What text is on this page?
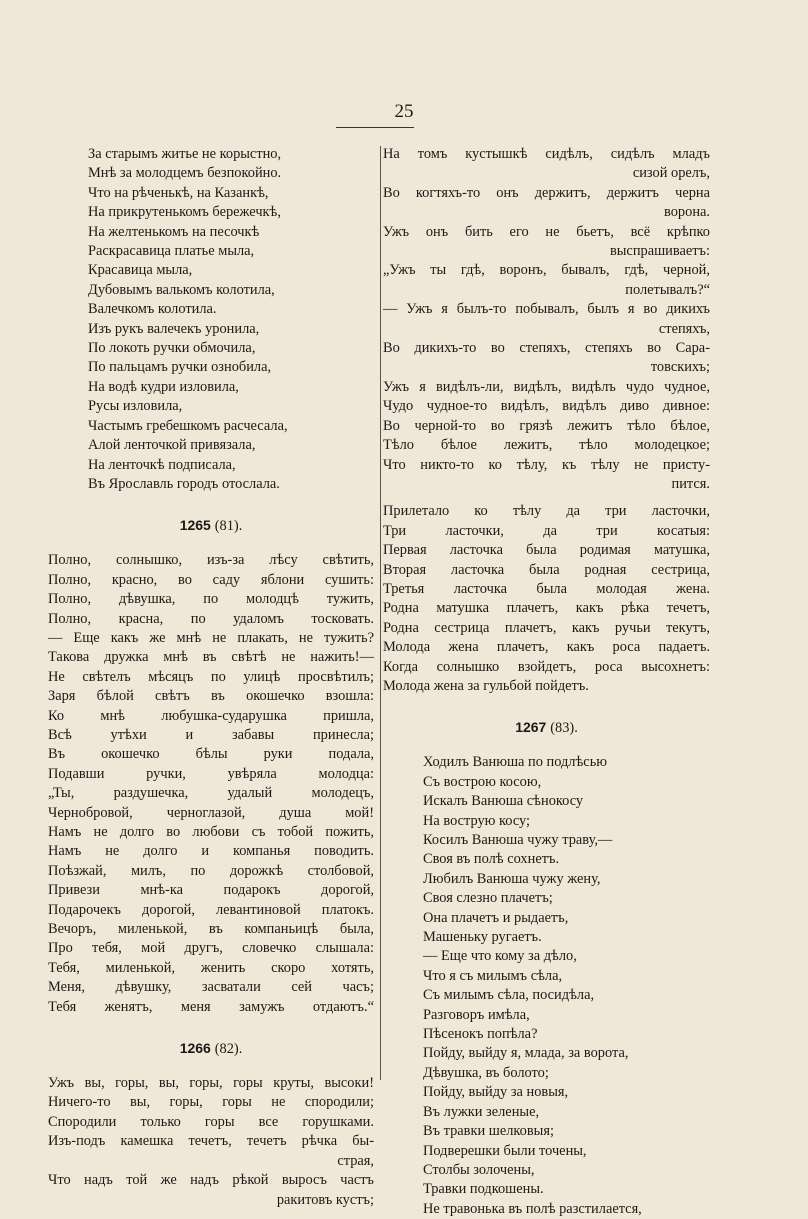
25
За старымъ житье не корыстно,
Мнѣ за молодцемъ безпокойно.
Что на рѣченькѣ, на Казанкѣ,
На прикрутенькомъ бережечкѣ,
На желтенькомъ на песочкѣ
Раскрасавица платье мыла,
Красавица мыла,
Дубовымъ валькомъ колотила,
Валечкомъ колотила.
Изъ рукъ валечекъ уронила,
По локоть ручки обмочила,
По пальцамъ ручки ознобила,
На водѣ кудри изловила,
Русы изловила,
Частымъ гребешкомъ расчесала,
Алой ленточкой привязала,
На ленточкѣ подписала,
Въ Ярославль городъ отослала.
1265 (81).
Полно, солнышко, изъ-за лѣсу свѣтить,
Полно, красно, во саду яблони сушить:
Полно, дѣвушка, по молодцѣ тужить,
Полно, красна, по удаломъ тосковать.
— Еще какъ же мнѣ не плакать, не тужить?
Такова дружка мнѣ въ свѣтѣ не нажить!—
Не свѣтелъ мѣсяцъ по улицѣ просвѣтилъ;
Заря бѣлой свѣтъ въ окошечко взошла:
Ко мнѣ любушка-сударушка пришла,
Всѣ утѣхи и забавы принесла;
Въ окошечко бѣлы руки подала,
Подавши ручки, увѣряла молодца:
„Ты, раздушечка, удалый молодецъ,
Чернобровой, черноглазой, душа мой!
Намъ не долго во любови съ тобой пожить,
Намъ не долго и компанья поводить.
Поѣзжай, милъ, по дорожкѣ столбовой,
Привези мнѣ-ка подарокъ дорогой,
Подарочекъ дорогой, левантиновой платокъ.
Вечоръ, миленькой, въ компаньицѣ была,
Про тебя, мой другъ, словечко слышала:
Тебя, миленькой, женить скоро хотять,
Меня, дѣвушку, засватали сей часъ;
Тебя женятъ, меня замужъ отдаютъ.“
1266 (82).
Ужъ вы, горы, вы, горы, горы круты, высоки!
Ничего-то вы, горы, горы не спородили;
Спородили только горы все горушками.
Изъ-подъ камешка течетъ, течетъ рѣчка бы-
страя,
Что надъ той же надъ рѣкой выросъ частъ
ракитовъ кустъ;
На томъ кустышкѣ сидѣлъ, сидѣлъ младъ
сизой орелъ,
Во когтяхъ-то онъ держитъ, держитъ черна
ворона.
Ужъ онъ бить его не бьетъ, всё крѣпко
выспрашиваетъ:
„Ужъ ты гдѣ, воронъ, бывалъ, гдѣ, черной,
полетывалъ?“
— Ужъ я былъ-то побывалъ, былъ я во дикихъ
степяхъ,
Во дикихъ-то во степяхъ, степяхъ во Сара-
товскихъ;
Ужъ я видѣлъ-ли, видѣлъ, видѣлъ чудо чудное,
Чудо чудное-то видѣлъ, видѣлъ диво дивное:
Во черной-то во грязѣ лежитъ тѣло бѣлое,
Тѣло бѣлое лежитъ, тѣло молодецкое;
Что никто-то ко тѣлу, къ тѣлу не присту-
пится.
Прилетало ко тѣлу да три ласточки,
Три ласточки, да три косатыя:
Первая ласточка была родимая матушка,
Вторая ласточка была родная сестрица,
Третья ласточка была молодая жена.
Родна матушка плачетъ, какъ рѣка течетъ,
Родна сестрица плачетъ, какъ ручьи текутъ,
Молода жена плачетъ, какъ роса падаетъ.
Когда солнышко взойдетъ, роса высохнетъ:
Молода жена за гульбой пойдетъ.
1267 (83).
Ходилъ Ванюша по подлѣсью
Съ вострою косою,
Искалъ Ванюша сѣнокосу
На вострую косу;
Косилъ Ванюша чужу траву,—
Своя въ полѣ сохнетъ.
Любилъ Ванюша чужу жену,
Своя слезно плачетъ;
Она плачетъ и рыдаетъ,
Машеньку ругаетъ.
— Еще что кому за дѣло,
Что я съ милымъ сѣла,
Съ милымъ сѣла, посидѣла,
Разговоръ имѣла,
Пѣсенокъ попѣла?
Пойду, выйду я, млада, за ворота,
Дѣвушка, въ болото;
Пойду, выйду за новыя,
Въ лужки зеленые,
Въ травки шелковыя;
Подверешки были точены,
Столбы золочены,
Травки подкошены.
Не травонька въ полѣ разстилается,
